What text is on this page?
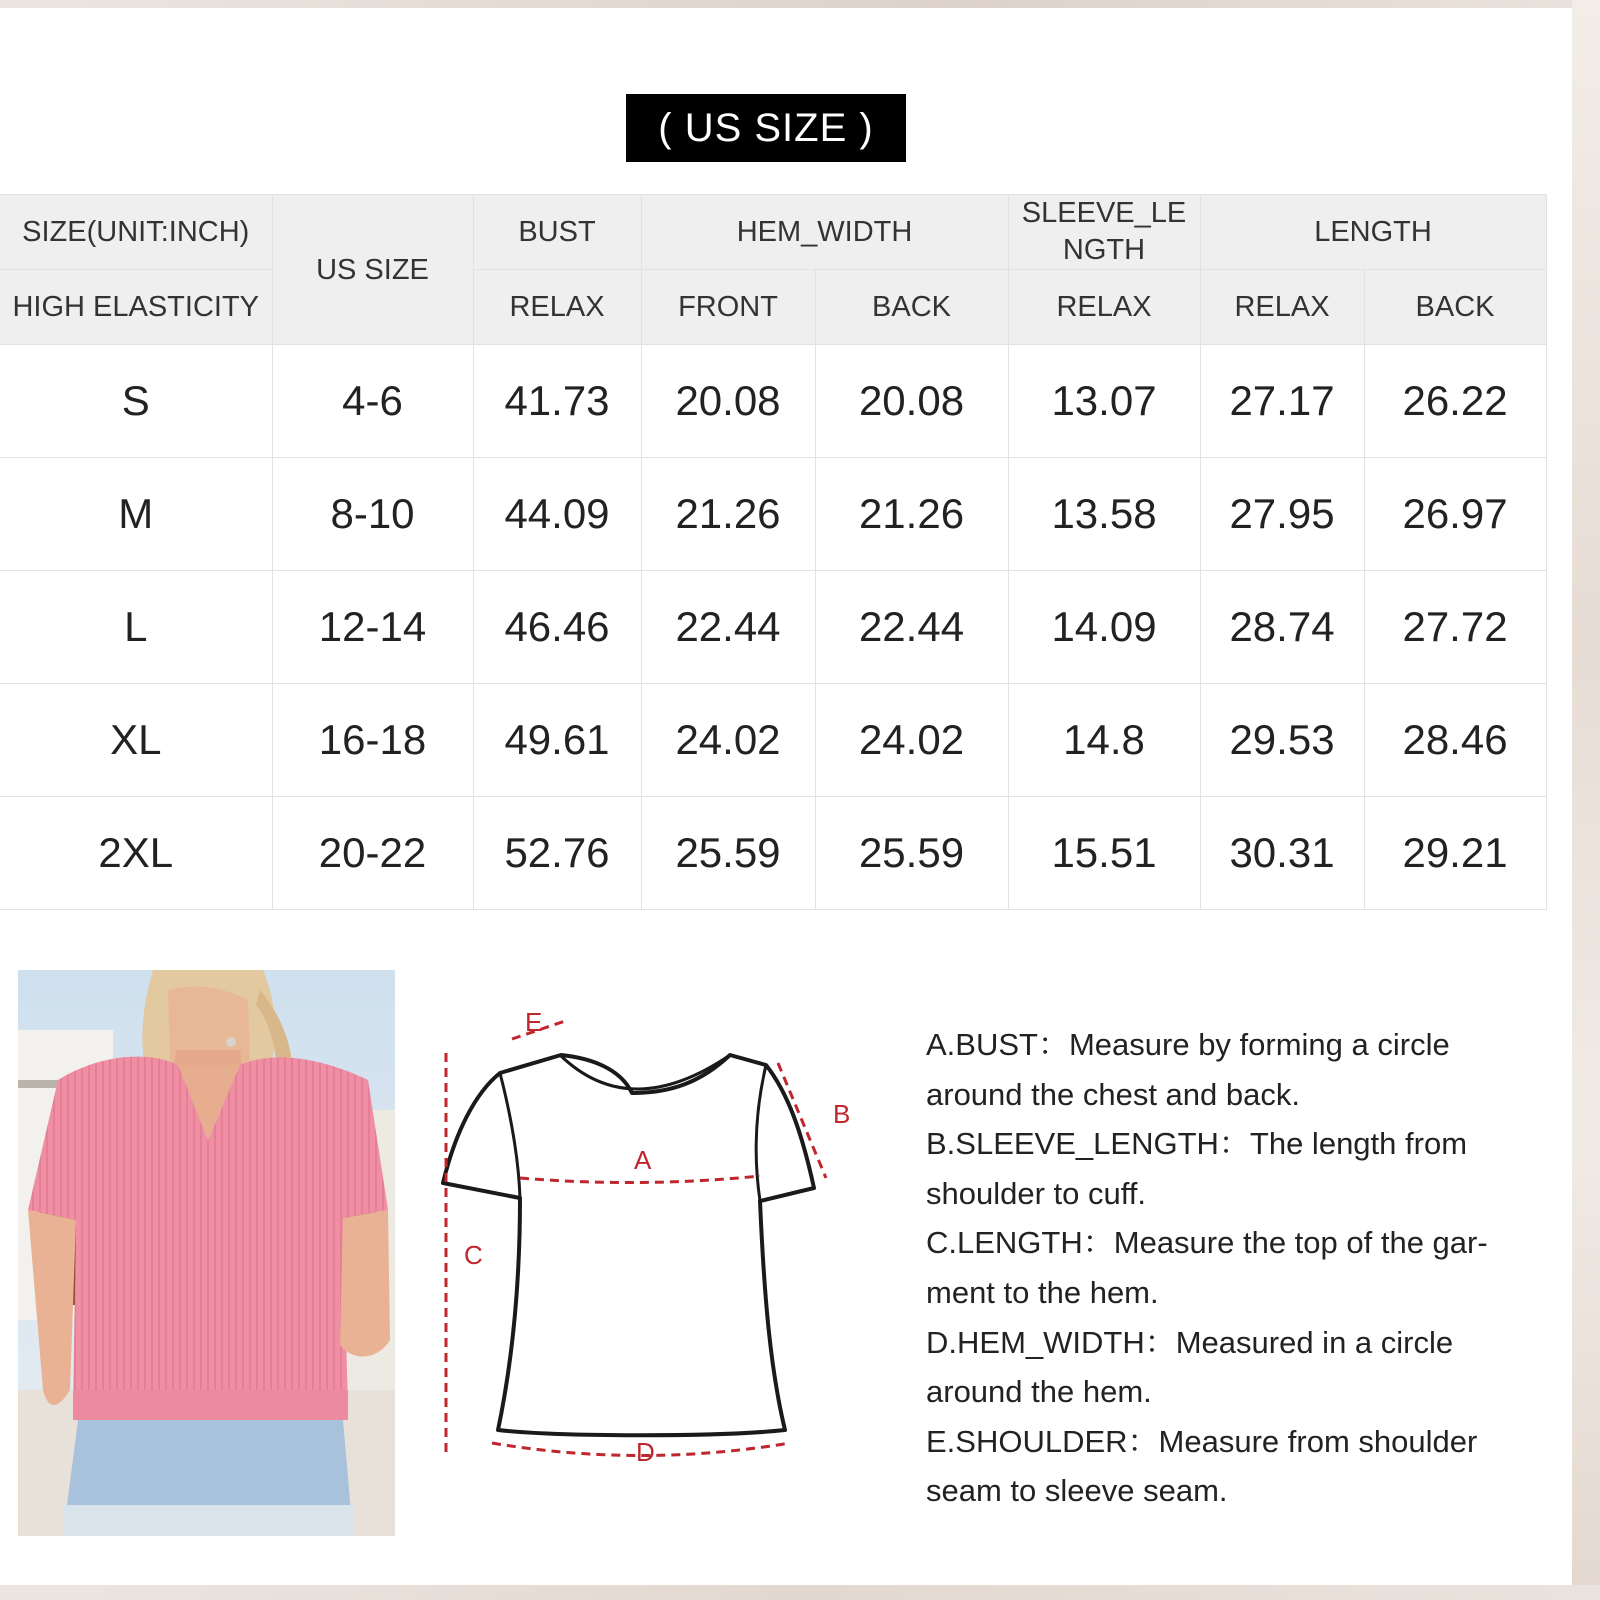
( US SIZE )
SIZE(UNIT:INCH)	US SIZE	BUST	HEM_WIDTH		SLEEVE_LE NGTH	LENGTH	
HIGH ELASTICITY		RELAX	FRONT	BACK	RELAX	RELAX	BACK
S	4-6	41.73	20.08	20.08	13.07	27.17	26.22
M	8-10	44.09	21.26	21.26	13.58	27.95	26.97
L	12-14	46.46	22.44	22.44	14.09	28.74	27.72
XL	16-18	49.61	24.02	24.02	14.8	29.53	28.46
2XL	20-22	52.76	25.59	25.59	15.51	30.31	29.21
A
B
C
D
E

A.BUST：Measure by forming a circle around the chest and back.

B.SLEEVE_LENGTH：The length from shoulder to cuff.

C.LENGTH：Measure the top of the gar-ment to the hem.

D.HEM_WIDTH：Measured in a circle around the hem.

E.SHOULDER：Measure from shoulder seam to sleeve seam.
